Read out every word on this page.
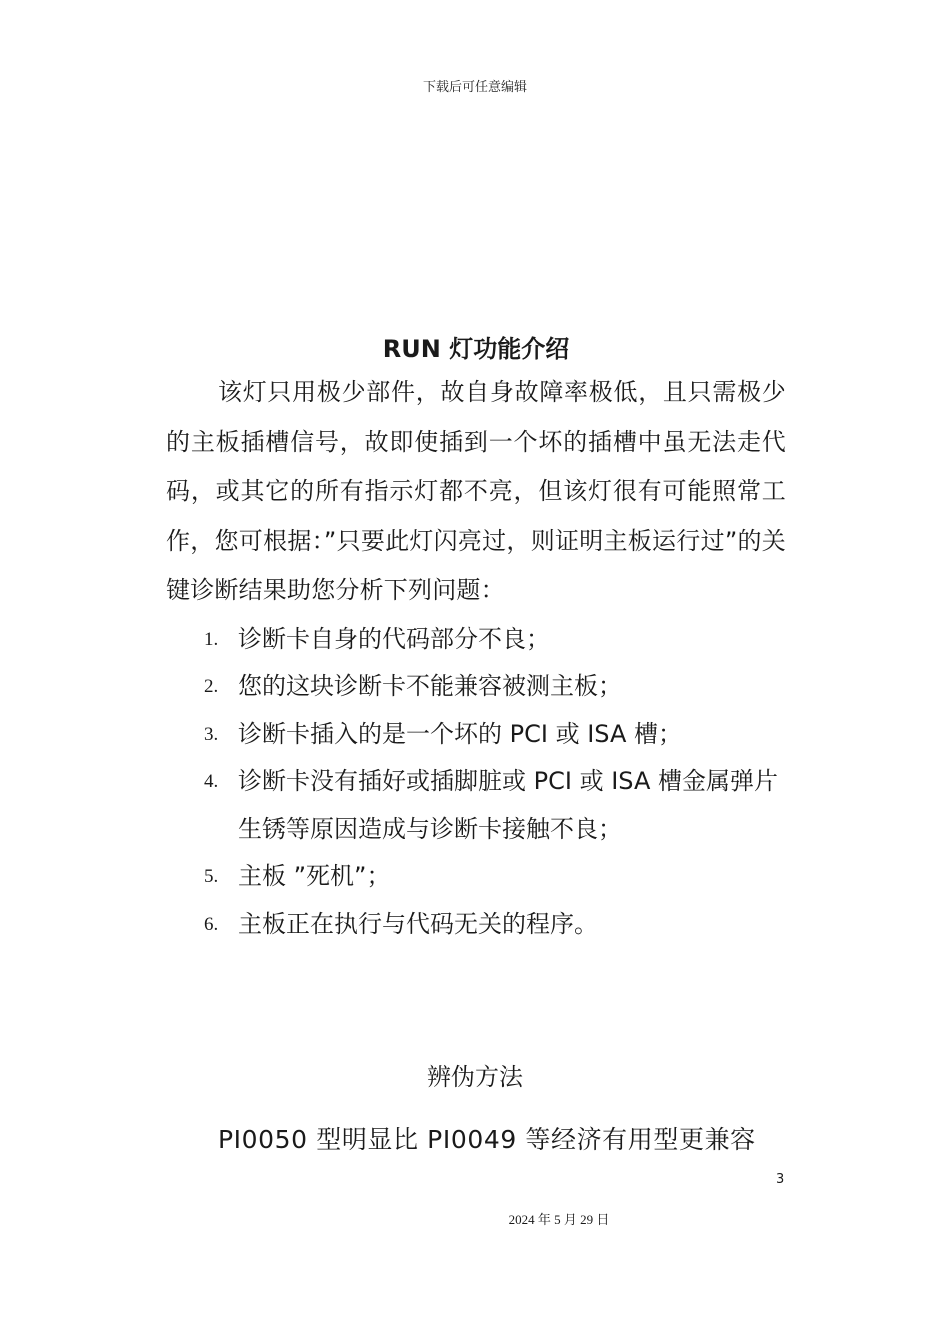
下载后可任意编辑
RUN 灯功能介绍

该灯只用极少部件，故自身故障率极低，且只需极少的主板插槽信号，故即使插到一个坏的插槽中虽无法走代码，或其它的所有指示灯都不亮，但该灯很有可能照常工作，您可根据：”只要此灯闪亮过，则证明主板运行过”的关键诊断结果助您分析下列问题：

1. 诊断卡自身的代码部分不良；
2. 您的这块诊断卡不能兼容被测主板；
3. 诊断卡插入的是一个坏的 PCI 或 ISA 槽；
4. 诊断卡没有插好或插脚脏或 PCI 或 ISA 槽金属弹片生锈等原因造成与诊断卡接触不良；
5. 主板 ”死机”；
6. 主板正在执行与代码无关的程序。
辨伪方法
PI0050 型明显比 PI0049 等经济有用型更兼容
3
2024 年 5 月 29 日
